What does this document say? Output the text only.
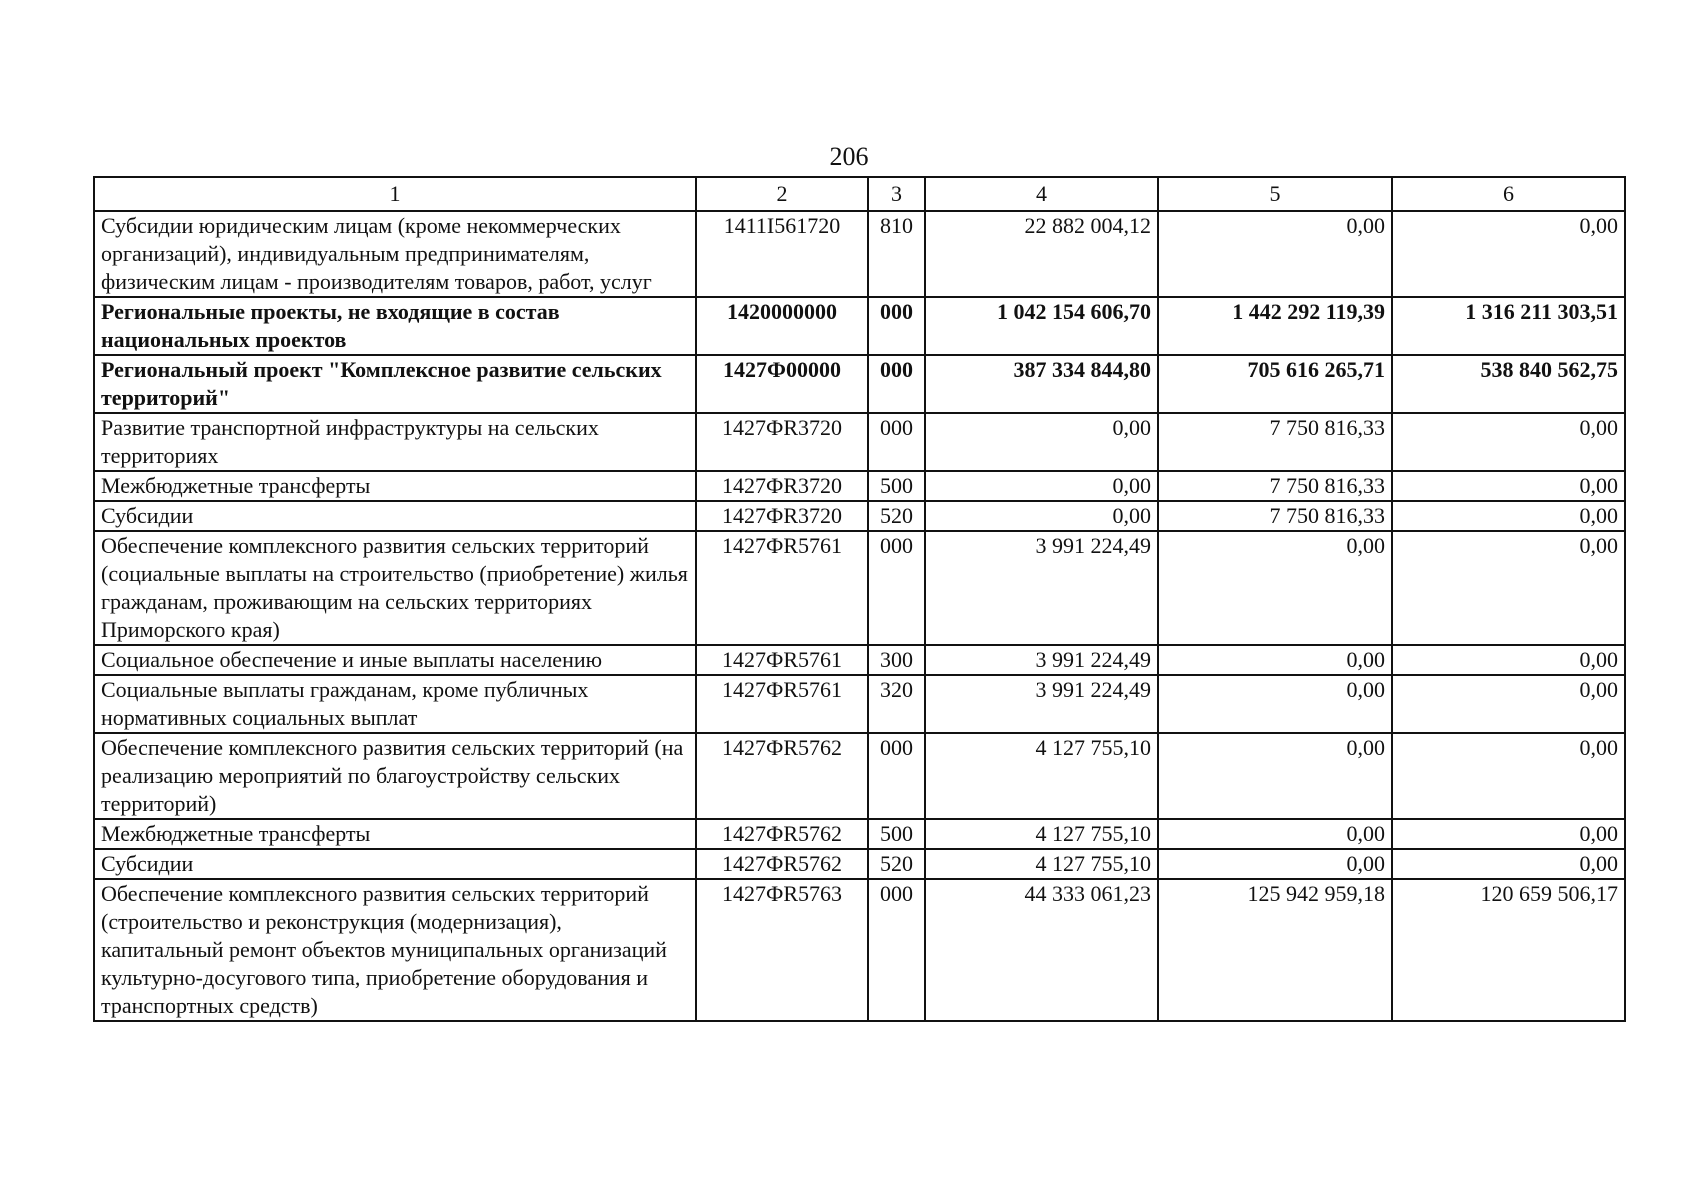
206
1	2	3	4	5	6
Субсидии юридическим лицам (кроме некоммерческих организаций), индивидуальным предпринимателям, физическим лицам - производителям товаров, работ, услуг	1411I561720	810	22 882 004,12	0,00	0,00
Региональные проекты, не входящие в состав национальных проектов	1420000000	000	1 042 154 606,70	1 442 292 119,39	1 316 211 303,51
Региональный проект "Комплексное развитие сельских территорий"	1427Ф00000	000	387 334 844,80	705 616 265,71	538 840 562,75
Развитие транспортной инфраструктуры на сельских территориях	1427ФR3720	000	0,00	7 750 816,33	0,00
Межбюджетные трансферты	1427ФR3720	500	0,00	7 750 816,33	0,00
Субсидии	1427ФR3720	520	0,00	7 750 816,33	0,00
Обеспечение комплексного развития сельских территорий (социальные выплаты на строительство (приобретение) жилья гражданам, проживающим на сельских территориях Приморского края)	1427ФR5761	000	3 991 224,49	0,00	0,00
Социальное обеспечение и иные выплаты населению	1427ФR5761	300	3 991 224,49	0,00	0,00
Социальные выплаты гражданам, кроме публичных нормативных социальных выплат	1427ФR5761	320	3 991 224,49	0,00	0,00
Обеспечение комплексного развития сельских территорий (на реализацию мероприятий по благоустройству сельских территорий)	1427ФR5762	000	4 127 755,10	0,00	0,00
Межбюджетные трансферты	1427ФR5762	500	4 127 755,10	0,00	0,00
Субсидии	1427ФR5762	520	4 127 755,10	0,00	0,00
Обеспечение комплексного развития сельских территорий (строительство и реконструкция (модернизация), капитальный ремонт объектов муниципальных организаций культурно-досугового типа, приобретение оборудования и транспортных средств)	1427ФR5763	000	44 333 061,23	125 942 959,18	120 659 506,17
